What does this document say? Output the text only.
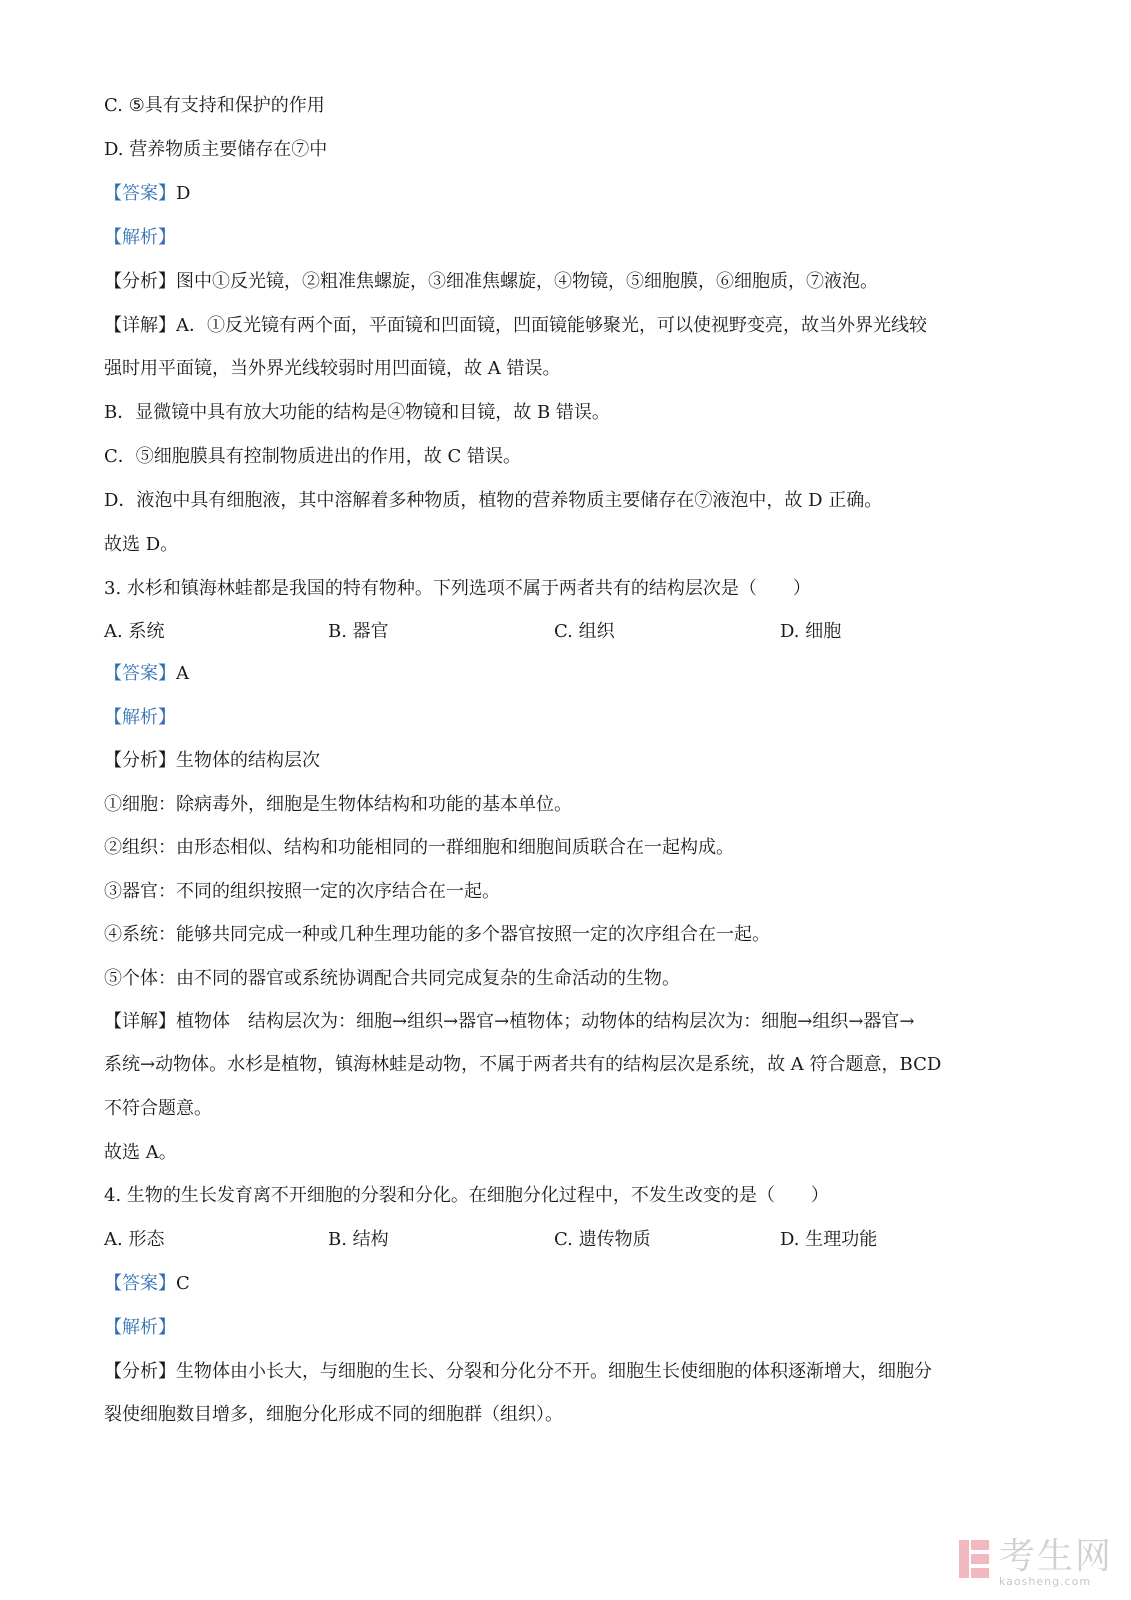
C. ⑤具有支持和保护的作用
D. 营养物质主要储存在⑦中
【答案】D
【解析】
【分析】图中①反光镜，②粗准焦螺旋，③细准焦螺旋，④物镜，⑤细胞膜，⑥细胞质，⑦液泡。
【详解】A．①反光镜有两个面，平面镜和凹面镜，凹面镜能够聚光，可以使视野变亮，故当外界光线较
强时用平面镜，当外界光线较弱时用凹面镜，故 A 错误。
B．显微镜中具有放大功能的结构是④物镜和目镜，故 B 错误。
C．⑤细胞膜具有控制物质进出的作用，故 C 错误。
D．液泡中具有细胞液，其中溶解着多种物质，植物的营养物质主要储存在⑦液泡中，故 D 正确。
故选 D。
3. 水杉和镇海林蛙都是我国的特有物种。下列选项不属于两者共有的结构层次是（　　）
A. 系统	B. 器官	C. 组织	D. 细胞
【答案】A
【解析】
【分析】生物体的结构层次
①细胞：除病毒外，细胞是生物体结构和功能的基本单位。
②组织：由形态相似、结构和功能相同的一群细胞和细胞间质联合在一起构成。
③器官：不同的组织按照一定的次序结合在一起。
④系统：能够共同完成一种或几种生理功能的多个器官按照一定的次序组合在一起。
⑤个体：由不同的器官或系统协调配合共同完成复杂的生命活动的生物。
【详解】植物体　结构层次为：细胞→组织→器官→植物体；动物体的结构层次为：细胞→组织→器官→
系统→动物体。水杉是植物，镇海林蛙是动物，不属于两者共有的结构层次是系统，故 A 符合题意，BCD
不符合题意。
故选 A。
4. 生物的生长发育离不开细胞的分裂和分化。在细胞分化过程中，不发生改变的是（　　）
A. 形态	B. 结构	C. 遗传物质	D. 生理功能
【答案】C
【解析】
【分析】生物体由小长大，与细胞的生长、分裂和分化分不开。细胞生长使细胞的体积逐渐增大，细胞分
裂使细胞数目增多，细胞分化形成不同的细胞群（组织）。
考生网
kaosheng.com
